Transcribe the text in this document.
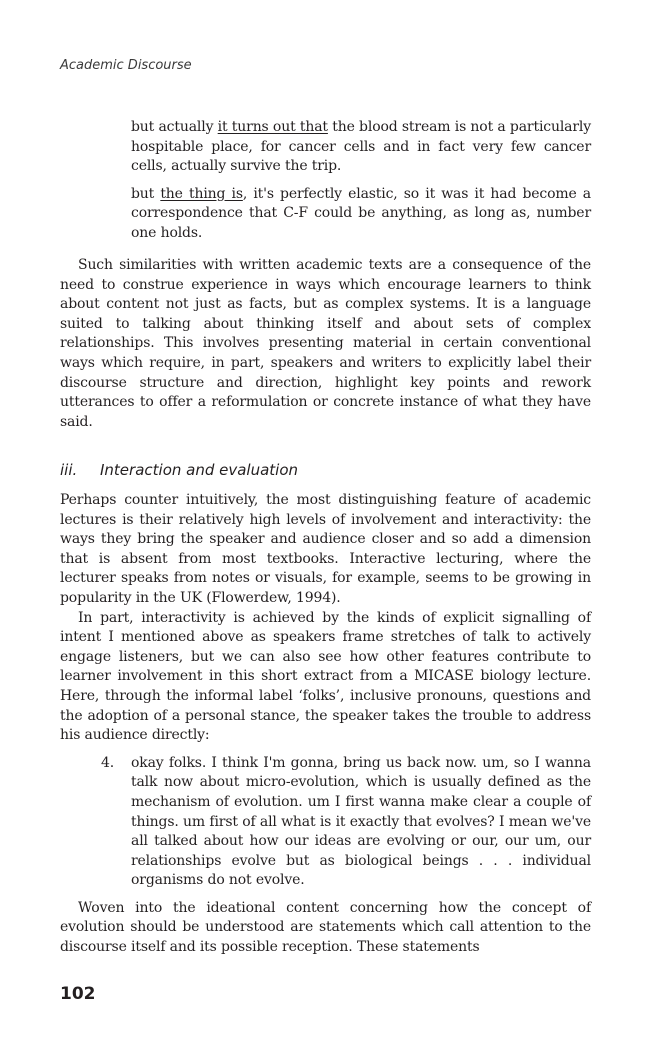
Academic Discourse

but actually it turns out that the blood stream is not a particularly hospitable place, for cancer cells and in fact very few cancer cells, actually survive the trip.

but the thing is, it's perfectly elastic, so it was it had become a correspondence that C-F could be anything, as long as, number one holds.

Such similarities with written academic texts are a consequence of the need to construe experience in ways which encourage learners to think about content not just as facts, but as complex systems. It is a language suited to talking about thinking itself and about sets of complex relationships. This involves presenting material in certain conventional ways which require, in part, speakers and writers to explicitly label their discourse structure and direction, highlight key points and rework utterances to offer a reformulation or concrete instance of what they have said.

iii. Interaction and evaluation

Perhaps counter intuitively, the most distinguishing feature of academic lectures is their relatively high levels of involvement and interactivity: the ways they bring the speaker and audience closer and so add a dimension that is absent from most textbooks. Interactive lecturing, where the lecturer speaks from notes or visuals, for example, seems to be growing in popularity in the UK (Flowerdew, 1994).

In part, interactivity is achieved by the kinds of explicit signalling of intent I mentioned above as speakers frame stretches of talk to actively engage listeners, but we can also see how other features contribute to learner involvement in this short extract from a MICASE biology lecture. Here, through the informal label ‘folks’, inclusive pronouns, questions and the adoption of a personal stance, the speaker takes the trouble to address his audience directly:

4. okay folks. I think I'm gonna, bring us back now. um, so I wanna talk now about micro-evolution, which is usually defined as the mechanism of evolution. um I first wanna make clear a couple of things. um first of all what is it exactly that evolves? I mean we've all talked about how our ideas are evolving or our, our um, our relationships evolve but as biological beings . . . individual organisms do not evolve.

Woven into the ideational content concerning how the concept of evolution should be understood are statements which call attention to the discourse itself and its possible reception. These statements

102
